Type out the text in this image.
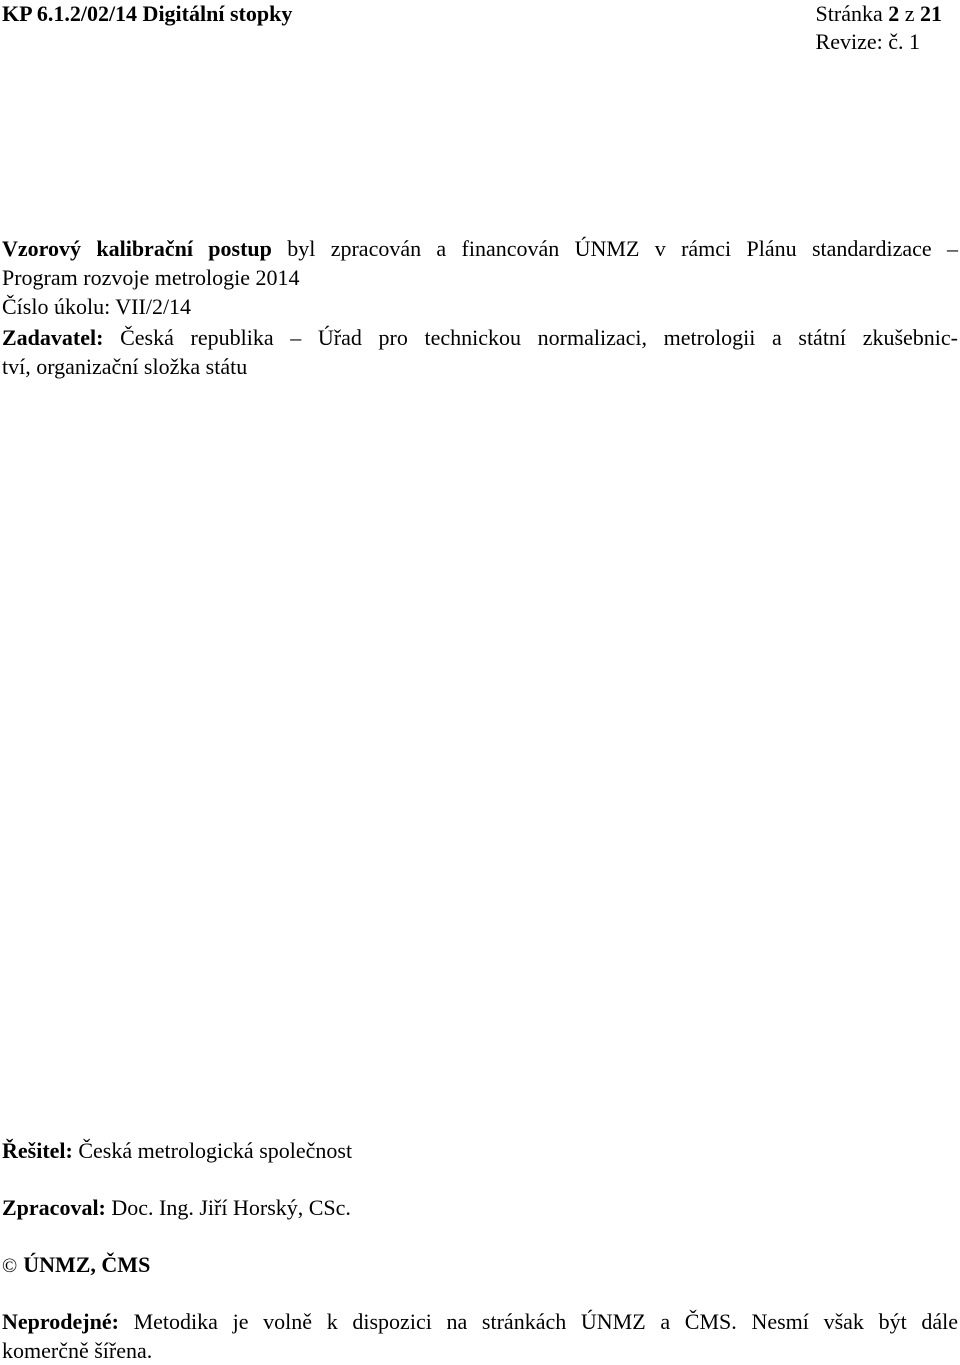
KP 6.1.2/02/14 Digitální stopky	Stránka 2 z 21
Revize: č. 1
Vzorový kalibrační postup byl zpracován a financován ÚNMZ v rámci Plánu standardizace –
Program rozvoje metrologie 2014
Číslo úkolu: VII/2/14
Zadavatel: Česká republika – Úřad pro technickou normalizaci, metrologii a státní zkušebnic-
tví, organizační složka státu
Řešitel: Česká metrologická společnost
Zpracoval: Doc. Ing. Jiří Horský, CSc.
© ÚNMZ, ČMS
Neprodejné: Metodika je volně k dispozici na stránkách ÚNMZ a ČMS. Nesmí však být dále
komerčně šířena.
